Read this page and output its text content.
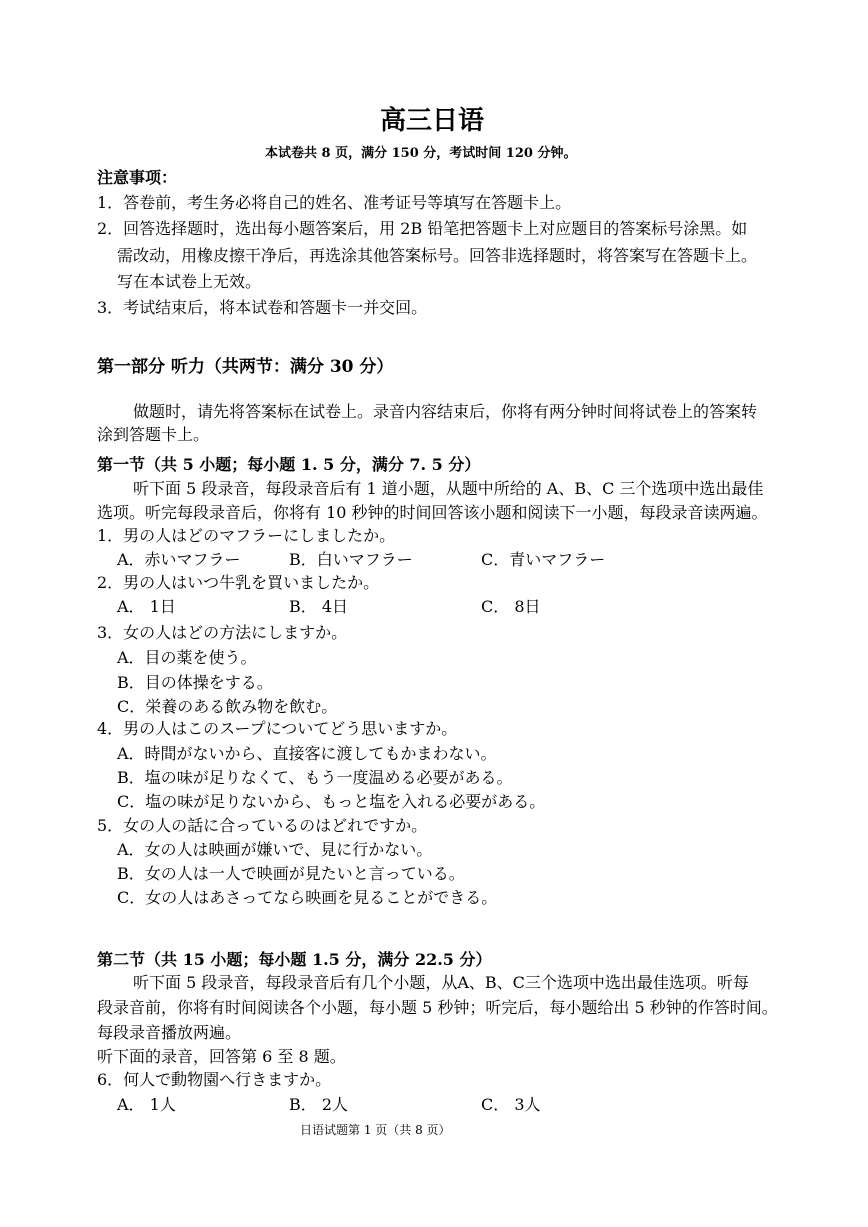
高三日语
本试卷共 8 页，满分 150 分，考试时间 120 分钟。
注意事项：
1．答卷前，考生务必将自己的姓名、准考证号等填写在答题卡上。
2．回答选择题时，选出每小题答案后，用 2B 铅笔把答题卡上对应题目的答案标号涂黑。如
需改动，用橡皮擦干净后，再选涂其他答案标号。回答非选择题时，将答案写在答题卡上。
写在本试卷上无效。
3．考试结束后，将本试卷和答题卡一并交回。
第一部分 听力（共两节：满分 30 分）
做题时，请先将答案标在试卷上。录音内容结束后，你将有两分钟时间将试卷上的答案转
涂到答题卡上。
第一节（共 5 小题；每小题 1. 5 分，满分 7. 5 分）
听下面 5 段录音，每段录音后有 1 道小题，从题中所给的 A、B、C 三个选项中选出最佳
选项。听完每段录音后，你将有 10 秒钟的时间回答该小题和阅读下一小题，每段录音读两遍。
1．男の人はどのマフラーにしましたか。
A．赤いマフラー	B．白いマフラー	C．青いマフラー
2．男の人はいつ牛乳を買いましたか。
A． 1日	B． 4日	C． 8日
3．女の人はどの方法にしますか。
A．目の薬を使う。
B．目の体操をする。
C．栄養のある飲み物を飲む。
4．男の人はこのスープについてどう思いますか。
A．時間がないから、直接客に渡してもかまわない。
B．塩の味が足りなくて、もう一度温める必要がある。
C．塩の味が足りないから、もっと塩を入れる必要がある。
5．女の人の話に合っているのはどれですか。
A．女の人は映画が嫌いで、見に行かない。
B．女の人は一人で映画が見たいと言っている。
C．女の人はあさってなら映画を見ることができる。
第二节（共 15 小题；每小题 1.5 分，满分 22.5 分）
听下面 5 段录音，每段录音后有几个小题，从A、B、C三个选项中选出最佳选项。听每
段录音前，你将有时间阅读各个小题，每小题 5 秒钟；听完后，每小题给出 5 秒钟的作答时间。
每段录音播放两遍。
听下面的录音，回答第 6 至 8 题。
6．何人で動物園へ行きますか。
A． 1人	B． 2人	C． 3人
日语试题第 1 页（共 8 页）
